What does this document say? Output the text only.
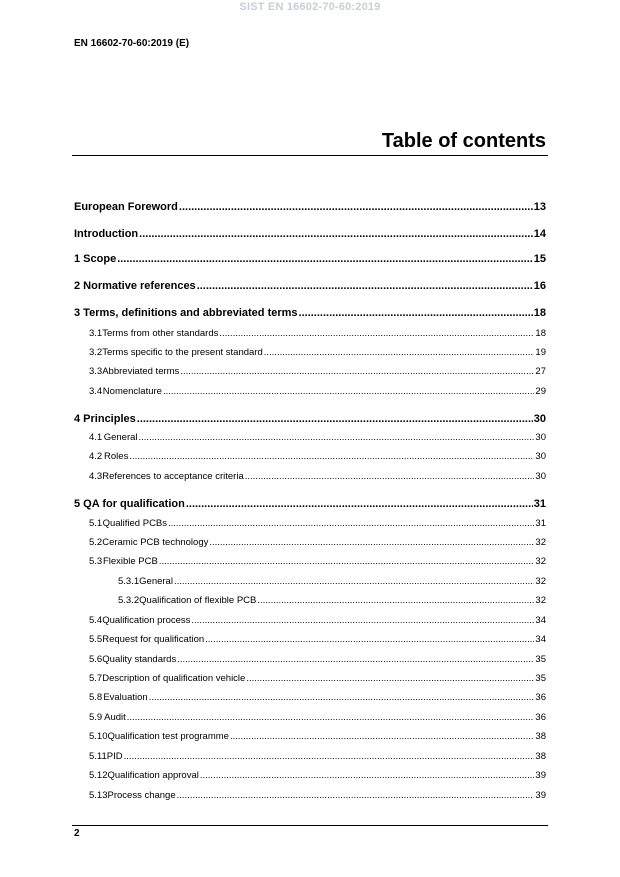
SIST EN 16602-70-60:2019
EN 16602-70-60:2019 (E)
Table of contents
European Foreword .....	13
Introduction .....	14
1 Scope .....	15
2 Normative references .....	16
3 Terms, definitions and abbreviated terms .....	18
3.1 Terms from other standards .....	18
3.2 Terms specific to the present standard .....	19
3.3 Abbreviated terms .....	27
3.4 Nomenclature .....	29
4 Principles .....	30
4.1 General .....	30
4.2 Roles .....	30
4.3 References to acceptance criteria .....	30
5 QA for qualification .....	31
5.1 Qualified PCBs .....	31
5.2 Ceramic PCB technology .....	32
5.3 Flexible PCB .....	32
5.3.1 General .....	32
5.3.2 Qualification of flexible PCB .....	32
5.4 Qualification process .....	34
5.5 Request for qualification .....	34
5.6 Quality standards .....	35
5.7 Description of qualification vehicle .....	35
5.8 Evaluation .....	36
5.9 Audit .....	36
5.10 Qualification test programme .....	38
5.11 PID .....	38
5.12 Qualification approval .....	39
5.13 Process change .....	39
2
